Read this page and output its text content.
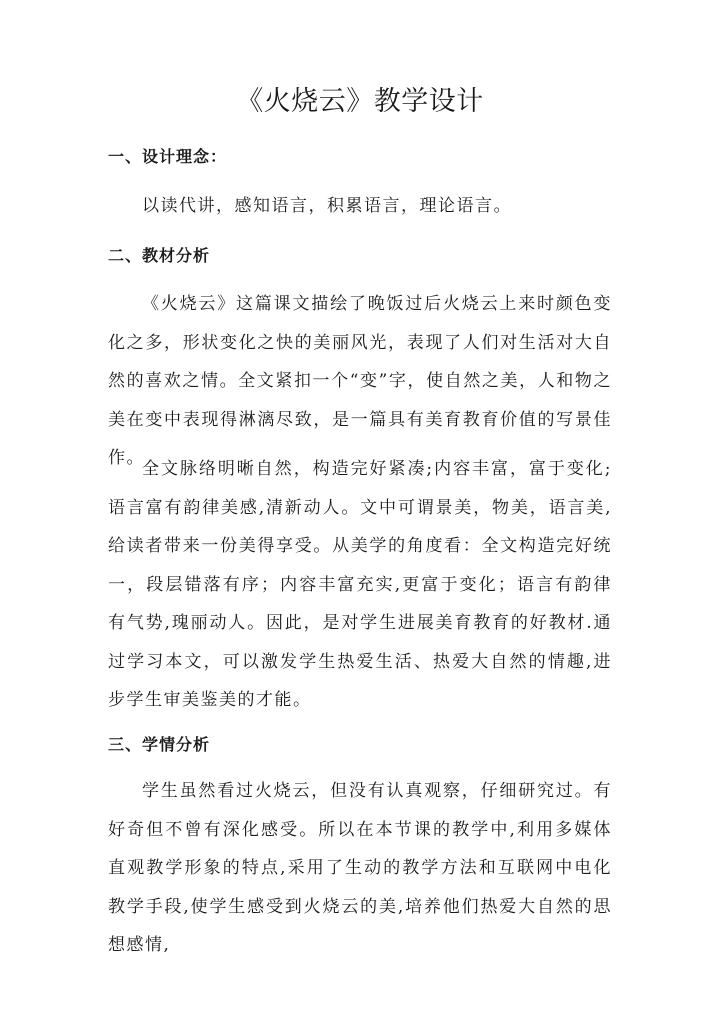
《火烧云》教学设计
一、设计理念：

以读代讲，感知语言，积累语言，理论语言。

二、教材分析

《火烧云》这篇课文描绘了晚饭过后火烧云上来时颜色变化之多，形状变化之快的美丽风光，表现了人们对生活对大自然的喜欢之情。全文紧扣一个“变”字，使自然之美，人和物之美在变中表现得淋漓尽致，是一篇具有美育教育价值的写景佳作。

全文脉络明晰自然，构造完好紧凑;内容丰富，富于变化;语言富有韵律美感,清新动人。文中可谓景美，物美，语言美,给读者带来一份美得享受。从美学的角度看：全文构造完好统一，段层错落有序；内容丰富充实,更富于变化；语言有韵律有气势,瑰丽动人。因此，是对学生进展美育教育的好教材.通过学习本文，可以激发学生热爱生活、热爱大自然的情趣,进步学生审美鉴美的才能。

三、学情分析

学生虽然看过火烧云，但没有认真观察，仔细研究过。有好奇但不曾有深化感受。所以在本节课的教学中,利用多媒体直观教学形象的特点,采用了生动的教学方法和互联网中电化教学手段,使学生感受到火烧云的美,培养他们热爱大自然的思想感情,
